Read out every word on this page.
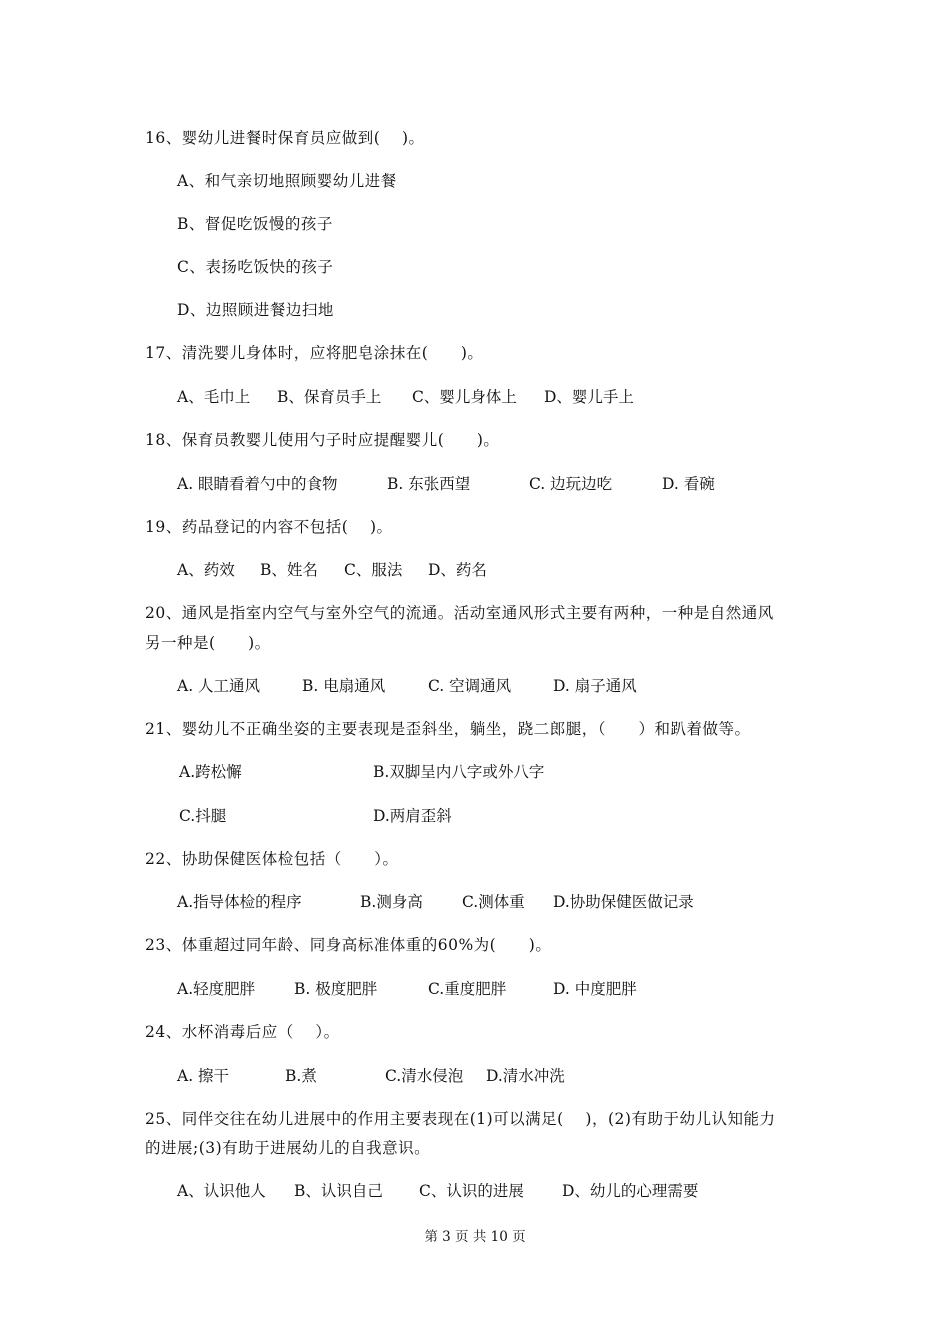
16、婴幼儿进餐时保育员应做到(    )。
A、和气亲切地照顾婴幼儿进餐
B、督促吃饭慢的孩子
C、表扬吃饭快的孩子
D、边照顾进餐边扫地
17、清洗婴儿身体时，应将肥皂涂抹在(      )。
A、毛巾上 B、保育员手上 C、婴儿身体上 D、婴儿手上
18、保育员教婴儿使用勺子时应提醒婴儿(      )。
A. 眼睛看着勺中的食物	B. 东张西望	C. 边玩边吃	D. 看碗
19、药品登记的内容不包括(    )。
A、药效 B、姓名 C、服法 D、药名
20、通风是指室内空气与室外空气的流通。活动室通风形式主要有两种，一种是自然通风
另一种是(      )。
A. 人工通风	B. 电扇通风	C. 空调通风	D. 扇子通风
21、婴幼儿不正确坐姿的主要表现是歪斜坐，躺坐，跷二郎腿，（      ）和趴着做等。
A.跨松懈	B.双脚呈内八字或外八字
C.抖腿	D.两肩歪斜
22、协助保健医体检包括（      ）。
A.指导体检的程序	B.测身高	C.测体重 D.协助保健医做记录
23、体重超过同年龄、同身高标准体重的60%为(      )。
A.轻度肥胖	B. 极度肥胖	C.重度肥胖	D. 中度肥胖
24、水杯消毒后应（    ）。
A. 擦干	B.煮	C.清水侵泡 D.清水冲洗
25、同伴交往在幼儿进展中的作用主要表现在(1)可以满足(    )，(2)有助于幼儿认知能力
的进展;(3)有助于进展幼儿的自我意识。
A、认识他人 B、认识自己 C、认识的进展 D、幼儿的心理需要
第 3 页 共 10 页
